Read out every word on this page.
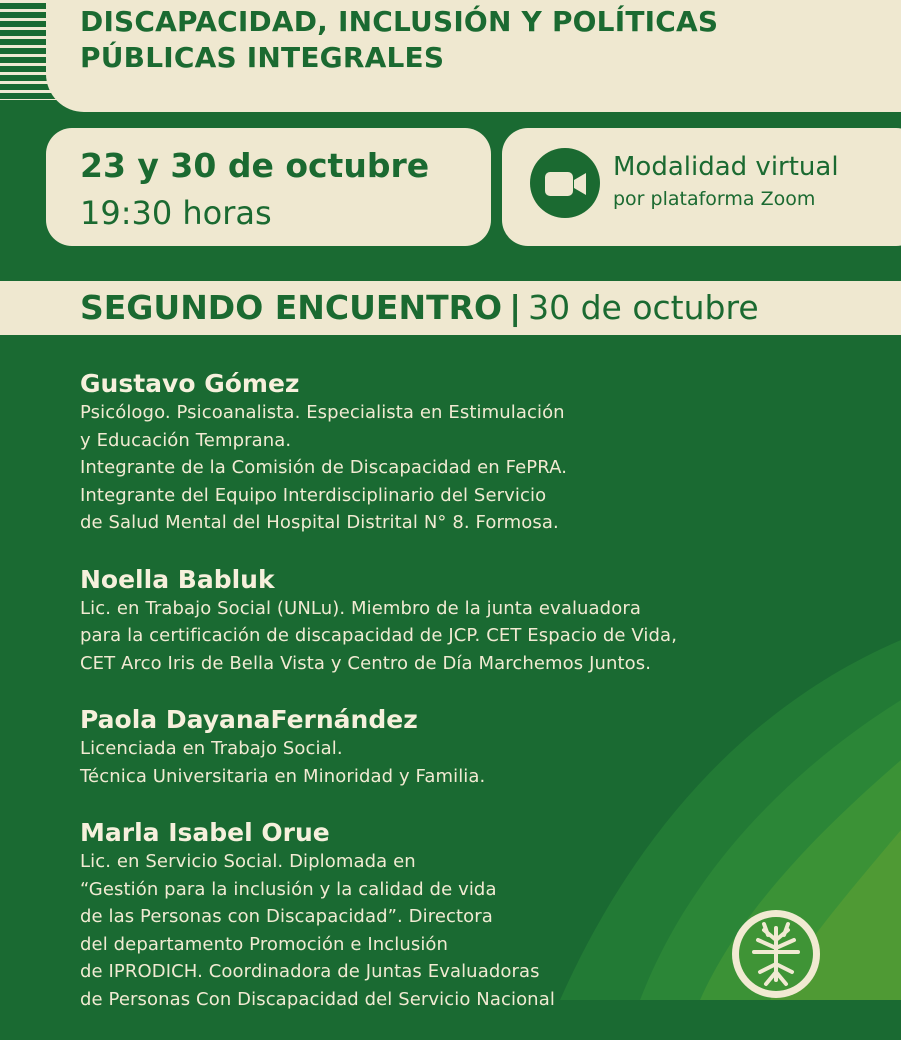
DISCAPACIDAD, INCLUSIÓN Y POLÍTICAS PÚBLICAS INTEGRALES
23 y 30 de octubre
19:30 horas
Modalidad virtual
por plataforma Zoom
SEGUNDO ENCUENTRO | 30 de octubre
Gustavo Gómez
Psicólogo. Psicoanalista. Especialista en Estimulación
y Educación Temprana.
Integrante de la Comisión de Discapacidad en FePRA.
Integrante del Equipo Interdisciplinario del Servicio
de Salud Mental del Hospital Distrital N° 8. Formosa.
Noella Babluk
Lic. en Trabajo Social (UNLu). Miembro de la junta evaluadora
para la certificación de discapacidad de JCP. CET Espacio de Vida,
CET Arco Iris de Bella Vista y Centro de Día Marchemos Juntos.
Paola DayanaFernández
Licenciada en Trabajo Social.
Técnica Universitaria en Minoridad y Familia.
Marla Isabel Orue
Lic. en Servicio Social. Diplomada en
“Gestión para la inclusión y la calidad de vida
de las Personas con Discapacidad”. Directora
del departamento Promoción e Inclusión
de IPRODICH. Coordinadora de Juntas Evaluadoras
de Personas Con Discapacidad del Servicio Nacional
